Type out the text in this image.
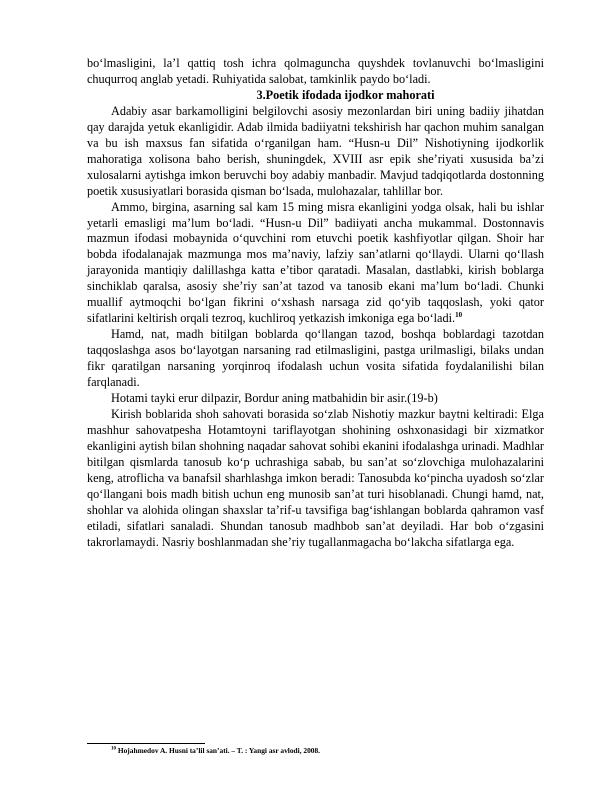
bo‘lmasligini, la’l qattiq tosh ichra qolmaguncha quyshdek tovlanuvchi bo‘lmasligini chuqurroq anglab yetadi. Ruhiyatida salobat, tamkinlik paydo bo‘ladi.

3.Poetik ifodada ijodkor mahorati

Adabiy asar barkamolligini belgilovchi asosiy mezonlardan biri uning badiiy jihatdan qay darajda yetuk ekanligidir. Adab ilmida badiiyatni tekshirish har qachon muhim sanalgan va bu ish maxsus fan sifatida o‘rganilgan ham. “Husn-u Dil” Nishotiyning ijodkorlik mahoratiga xolisona baho berish, shuningdek, XVIII asr epik she’riyati xususida ba’zi xulosalarni aytishga imkon beruvchi boy adabiy manbadir. Mavjud tadqiqotlarda dostonning poetik xususiyatlari borasida qisman bo‘lsada, mulohazalar, tahlillar bor.

Ammo, birgina, asarning sal kam 15 ming misra ekanligini yodga olsak, hali bu ishlar yetarli emasligi ma’lum bo‘ladi. “Husn-u Dil” badiiyati ancha mukammal. Dostonnavis mazmun ifodasi mobaynida o‘quvchini rom etuvchi poetik kashfiyotlar qilgan. Shoir har bobda ifodalanajak mazmunga mos ma’naviy, lafziy san’atlarni qo‘llaydi. Ularni qo‘llash jarayonida mantiqiy dalillashga katta e’tibor qaratadi. Masalan, dastlabki, kirish boblarga sinchiklab qaralsa, asosiy she’riy san’at tazod va tanosib ekani ma’lum bo‘ladi. Chunki muallif aytmoqchi bo‘lgan fikrini o‘xshash narsaga zid qo‘yib taqqoslash, yoki qator sifatlarini keltirish orqali tezroq, kuchliroq yetkazish imkoniga ega bo‘ladi.$^{10}$

Hamd, nat, madh bitilgan boblarda qo‘llangan tazod, boshqa boblardagi tazotdan taqqoslashga asos bo‘layotgan narsaning rad etilmasligini, pastga urilmasligi, bilaks undan fikr qaratilgan narsaning yorqinroq ifodalash uchun vosita sifatida foydalanilishi bilan farqlanadi.

Hotami tayki erur dilpazir, Bordur aning matbahidin bir asir.(19-b)

Kirish boblarida shoh sahovati borasida so‘zlab Nishotiy mazkur baytni keltiradi: Elga mashhur sahovatpesha Hotamtoyni tariflayotgan shohining oshxonasidagi bir xizmatkor ekanligini aytish bilan shohning naqadar sahovat sohibi ekanini ifodalashga urinadi. Madhlar bitilgan qismlarda tanosub ko‘p uchrashiga sabab, bu san’at so‘zlovchiga mulohazalarini keng, atroflicha va banafsil sharhlashga imkon beradi: Tanosubda ko‘pincha uyadosh so‘zlar qo‘llangani bois madh bitish uchun eng munosib san’at turi hisoblanadi. Chungi hamd, nat, shohlar va alohida olingan shaxslar ta’rif-u tavsifiga bag‘ishlangan boblarda qahramon vasf etiladi, sifatlari sanaladi. Shundan tanosub madhbob san’at deyiladi. Har bob o‘zgasini takrorlamaydi. Nasriy boshlanmadan she’riy tugallanmagacha bo‘lakcha sifatlarga ega.

$^{10}$ Hojahmedov A. Husni ta’lil san’ati. – T. : Yangi asr avlodi, 2008.
